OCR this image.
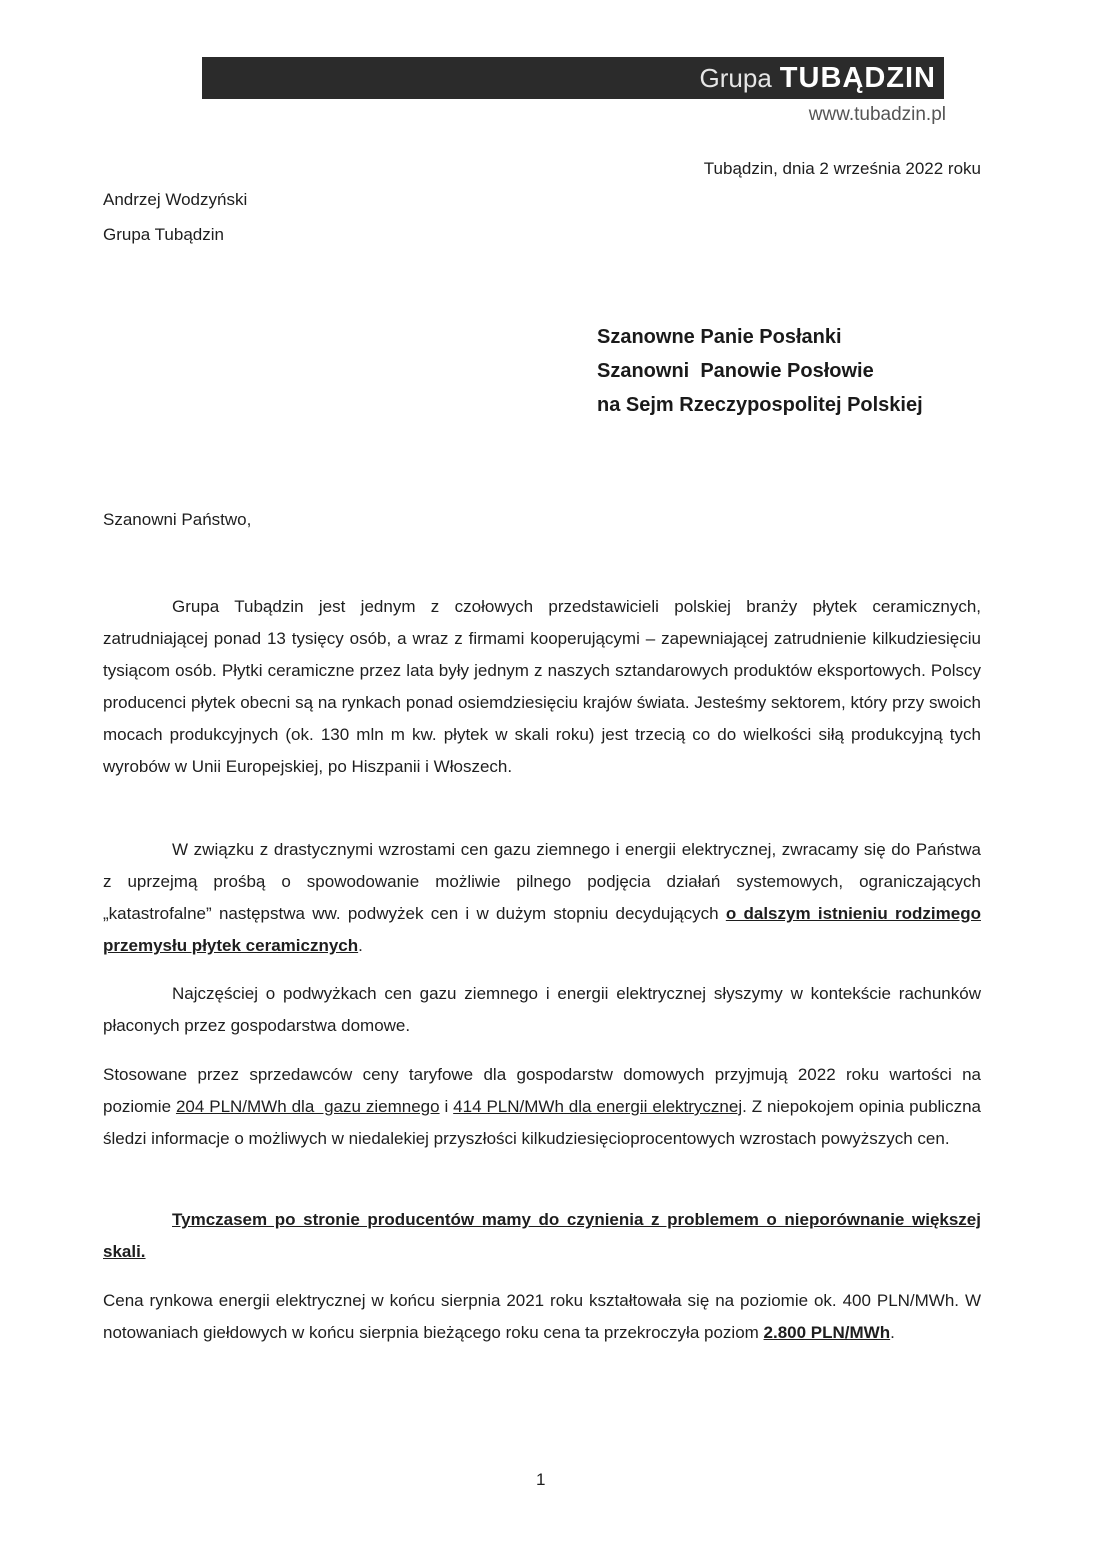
Grupa TUBĄDZIN
www.tubadzin.pl
Tubądzin, dnia 2 września 2022 roku
Andrzej Wodzyński
Grupa Tubądzin
Szanowne Panie Posłanki
Szanowni  Panowie Posłowie
na Sejm Rzeczypospolitej Polskiej
Szanowni Państwo,

Grupa Tubądzin jest jednym z czołowych przedstawicieli polskiej branży płytek ceramicznych, zatrudniającej ponad 13 tysięcy osób, a wraz z firmami kooperującymi – zapewniającej zatrudnienie kilkudziesięciu tysiącom osób. Płytki ceramiczne przez lata były jednym z naszych sztandarowych produktów eksportowych. Polscy producenci płytek obecni są na rynkach ponad osiemdziesięciu krajów świata. Jesteśmy sektorem, który przy swoich mocach produkcyjnych (ok. 130 mln m kw. płytek w skali roku) jest trzecią co do wielkości siłą produkcyjną tych wyrobów w Unii Europejskiej, po Hiszpanii i Włoszech.

W związku z drastycznymi wzrostami cen gazu ziemnego i energii elektrycznej, zwracamy się do Państwa z uprzejmą prośbą o spowodowanie możliwie pilnego podjęcia działań systemowych, ograniczających „katastrofalne” następstwa ww. podwyżek cen i w dużym stopniu decydujących o dalszym istnieniu rodzimego przemysłu płytek ceramicznych.

Najczęściej o podwyżkach cen gazu ziemnego i energii elektrycznej słyszymy w kontekście rachunków płaconych przez gospodarstwa domowe.

Stosowane przez sprzedawców ceny taryfowe dla gospodarstw domowych przyjmują 2022 roku wartości na poziomie 204 PLN/MWh dla  gazu ziemnego i 414 PLN/MWh dla energii elektrycznej. Z niepokojem opinia publiczna śledzi informacje o możliwych w niedalekiej przyszłości kilkudziesięcioprocentowych wzrostach powyższych cen.

Tymczasem po stronie producentów mamy do czynienia z problemem o nieporównanie większej skali.

Cena rynkowa energii elektrycznej w końcu sierpnia 2021 roku kształtowała się na poziomie ok. 400 PLN/MWh. W notowaniach giełdowych w końcu sierpnia bieżącego roku cena ta przekroczyła poziom 2.800 PLN/MWh.

1
